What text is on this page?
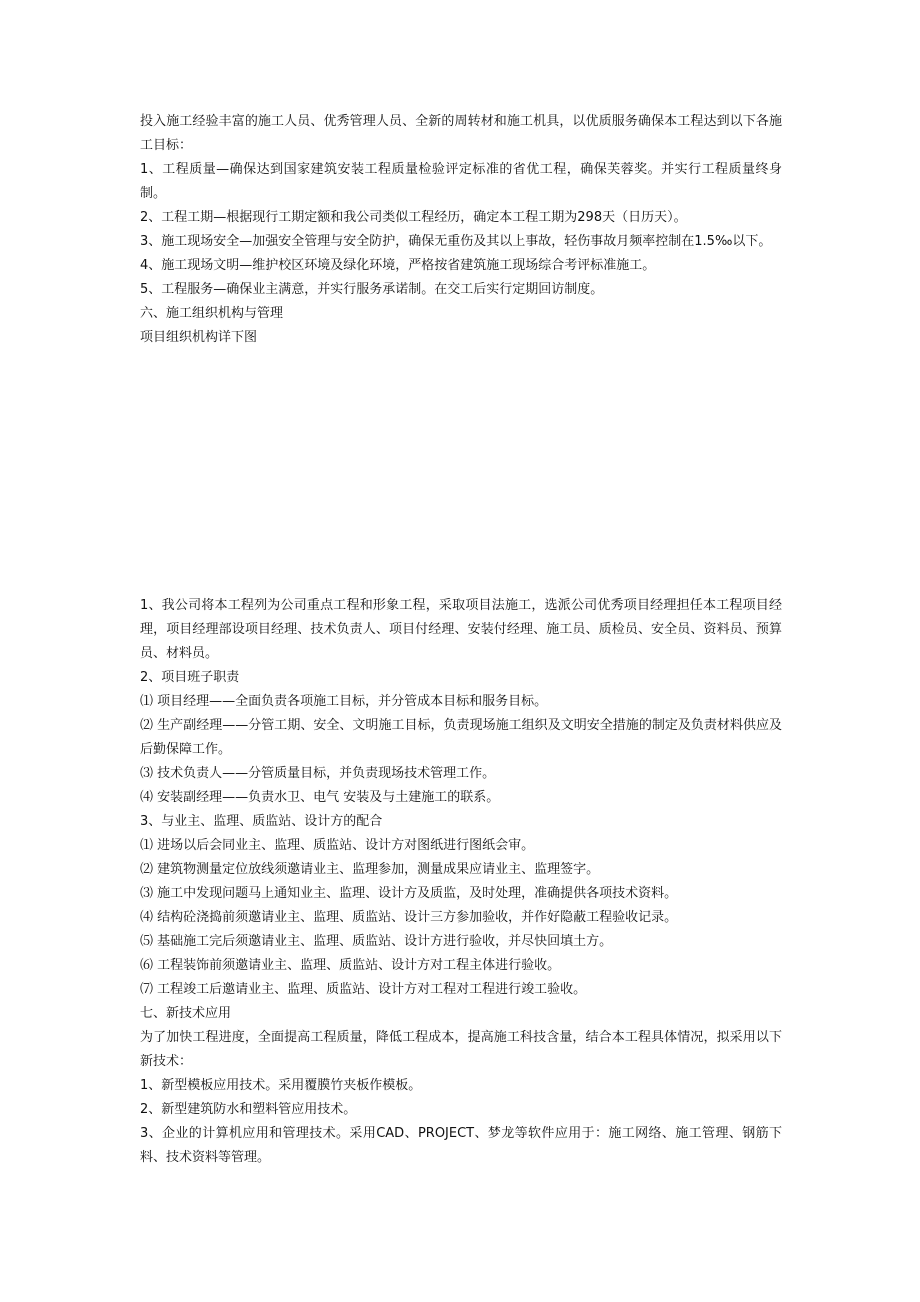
投入施工经验丰富的施工人员、优秀管理人员、全新的周转材和施工机具，以优质服务确保本工程达到以下各施工目标：

1、工程质量—确保达到国家建筑安装工程质量检验评定标准的省优工程，确保芙蓉奖。并实行工程质量终身制。

2、工程工期—根据现行工期定额和我公司类似工程经历，确定本工程工期为298天（日历天）。

3、施工现场安全—加强安全管理与安全防护，确保无重伤及其以上事故，轻伤事故月频率控制在1.5‰以下。

4、施工现场文明—维护校区环境及绿化环境，严格按省建筑施工现场综合考评标准施工。

5、工程服务—确保业主满意，并实行服务承诺制。在交工后实行定期回访制度。

六、施工组织机构与管理

项目组织机构详下图

1、我公司将本工程列为公司重点工程和形象工程，采取项目法施工，选派公司优秀项目经理担任本工程项目经理，项目经理部设项目经理、技术负责人、项目付经理、安装付经理、施工员、质检员、安全员、资料员、预算员、材料员。

2、项目班子职责

⑴ 项目经理——全面负责各项施工目标，并分管成本目标和服务目标。

⑵ 生产副经理——分管工期、安全、文明施工目标，负责现场施工组织及文明安全措施的制定及负责材料供应及后勤保障工作。

⑶ 技术负责人——分管质量目标，并负责现场技术管理工作。

⑷ 安装副经理——负责水卫、电气 安装及与土建施工的联系。

3、与业主、监理、质监站、设计方的配合

⑴ 进场以后会同业主、监理、质监站、设计方对图纸进行图纸会审。

⑵ 建筑物测量定位放线须邀请业主、监理参加，测量成果应请业主、监理签字。

⑶ 施工中发现问题马上通知业主、监理、设计方及质监，及时处理，准确提供各项技术资料。

⑷ 结构砼浇捣前须邀请业主、监理、质监站、设计三方参加验收，并作好隐蔽工程验收记录。

⑸ 基础施工完后须邀请业主、监理、质监站、设计方进行验收，并尽快回填土方。

⑹ 工程装饰前须邀请业主、监理、质监站、设计方对工程主体进行验收。

⑺ 工程竣工后邀请业主、监理、质监站、设计方对工程对工程进行竣工验收。

七、新技术应用

为了加快工程进度，全面提高工程质量，降低工程成本，提高施工科技含量，结合本工程具体情况，拟采用以下新技术：

1、新型模板应用技术。采用覆膜竹夹板作模板。

2、新型建筑防水和塑料管应用技术。

3、企业的计算机应用和管理技术。采用CAD、PROJECT、梦龙等软件应用于：施工网络、施工管理、钢筋下料、技术资料等管理。
